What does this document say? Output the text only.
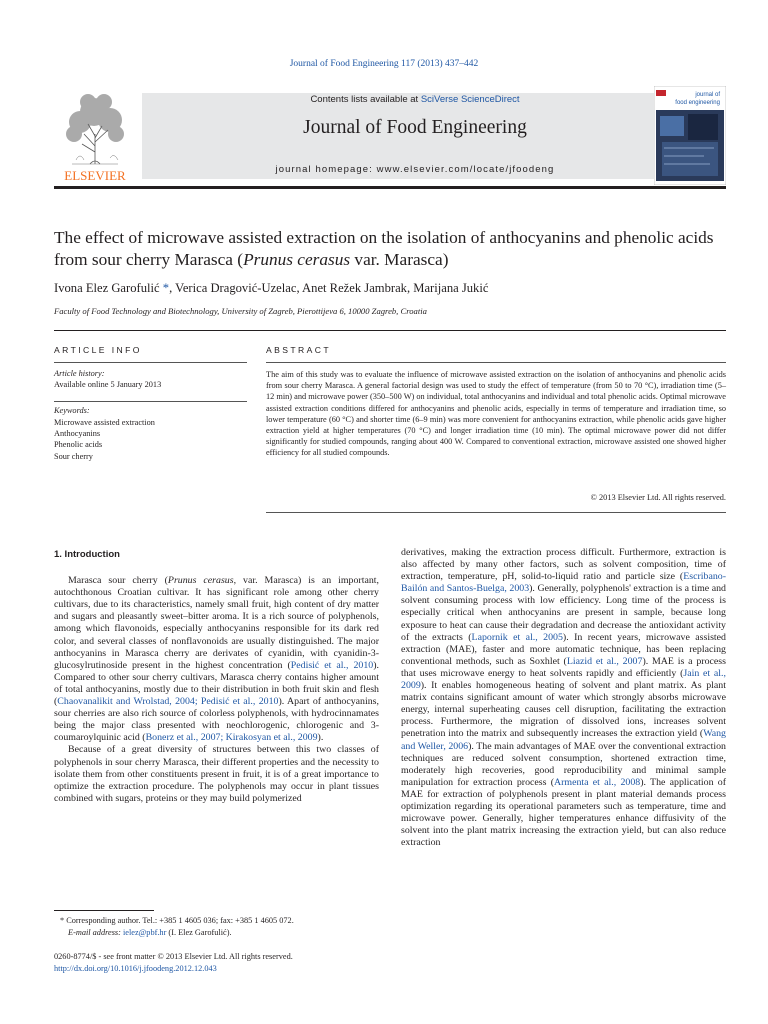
Journal of Food Engineering 117 (2013) 437–442
ELSEVIER
Contents lists available at SciVerse ScienceDirect
Journal of Food Engineering
journal homepage: www.elsevier.com/locate/jfoodeng
journal of
food engineering
The effect of microwave assisted extraction on the isolation of anthocyanins and phenolic acids from sour cherry Marasca (Prunus cerasus var. Marasca)
Ivona Elez Garofulić *, Verica Dragović-Uzelac, Anet Režek Jambrak, Marijana Jukić
Faculty of Food Technology and Biotechnology, University of Zagreb, Pierottijeva 6, 10000 Zagreb, Croatia
ARTICLE INFO
Article history:
Available online 5 January 2013
Keywords:
Microwave assisted extraction
Anthocyanins
Phenolic acids
Sour cherry
ABSTRACT

The aim of this study was to evaluate the influence of microwave assisted extraction on the isolation of anthocyanins and phenolic acids from sour cherry Marasca. A general factorial design was used to study the effect of temperature (from 50 to 70 °C), irradiation time (5–12 min) and microwave power (350–500 W) on individual, total anthocyanins and individual and total phenolic acids. Optimal microwave assisted extraction conditions differed for anthocyanins and phenolic acids, especially in terms of temperature and irradiation time, so lower temperature (60 °C) and shorter time (6–9 min) was more convenient for anthocyanins extraction, while phenolic acids gave higher extraction yield at higher temperatures (70 °C) and longer irradiation time (10 min). The optimal microwave power did not differ significantly for studied compounds, ranging about 400 W. Compared to conventional extraction, microwave assisted one showed higher efficiency for all studied compounds.

© 2013 Elsevier Ltd. All rights reserved.
1. Introduction

Marasca sour cherry (Prunus cerasus, var. Marasca) is an important, autochthonous Croatian cultivar. It has significant role among other cherry cultivars, due to its characteristics, namely small fruit, high content of dry matter and sugars and pleasantly sweet–bitter aroma. It is a rich source of polyphenols, among which flavonoids, especially anthocyanins responsible for its dark red color, and several classes of nonflavonoids are usually distinguished. The major anthocyanins in Marasca cherry are derivates of cyanidin, with cyanidin-3-glucosylrutinoside present in the highest concentration (Pedisić et al., 2010). Compared to other sour cherry cultivars, Marasca cherry contains higher amount of total anthocyanins, mostly due to their distribution in both fruit skin and flesh (Chaovanalikit and Wrolstad, 2004; Pedisić et al., 2010). Apart of anthocyanins, sour cherries are also rich source of colorless polyphenols, with hydrocinnamates being the major class presented with neochlorogenic, chlorogenic and 3-coumaroylquinic acid (Bonerz et al., 2007; Kirakosyan et al., 2009).

Because of a great diversity of structures between this two classes of polyphenols in sour cherry Marasca, their different properties and the necessity to isolate them from other constituents present in fruit, it is of a great importance to optimize the extraction procedure. The polyphenols may occur in plant tissues combined with sugars, proteins or they may build polymerized

derivatives, making the extraction process difficult. Furthermore, extraction is also affected by many other factors, such as solvent composition, time of extraction, temperature, pH, solid-to-liquid ratio and particle size (Escribano-Bailón and Santos-Buelga, 2003). Generally, polyphenols' extraction is a time and solvent consuming process with low efficiency. Long time of the process is especially critical when anthocyanins are present in sample, because long exposure to heat can cause their degradation and decrease the antioxidant activity of the extracts (Lapornik et al., 2005). In recent years, microwave assisted extraction (MAE), faster and more automatic technique, has been replacing conventional methods, such as Soxhlet (Liazid et al., 2007). MAE is a process that uses microwave energy to heat solvents rapidly and efficiently (Jain et al., 2009). It enables homogeneous heating of solvent and plant matrix. As plant matrix contains significant amount of water which strongly absorbs microwave energy, internal superheating causes cell disruption, facilitating the extraction process. Furthermore, the migration of dissolved ions, increases solvent penetration into the matrix and subsequently increases the extraction yield (Wang and Weller, 2006). The main advantages of MAE over the conventional extraction techniques are reduced solvent consumption, shortened extraction time, moderately high recoveries, good reproducibility and minimal sample manipulation for extraction process (Armenta et al., 2008). The application of MAE for extraction of polyphenols present in plant material demands process optimization regarding its operational parameters such as temperature, time and microwave power. Generally, higher temperatures enhance diffusivity of the solvent into the plant matrix increasing the extraction yield, but can also reduce extraction

* Corresponding author. Tel.: +385 1 4605 036; fax: +385 1 4605 072.
E-mail address: ielez@pbf.hr (I. Elez Garofulić).
0260-8774/$ - see front matter © 2013 Elsevier Ltd. All rights reserved.
http://dx.doi.org/10.1016/j.jfoodeng.2012.12.043
